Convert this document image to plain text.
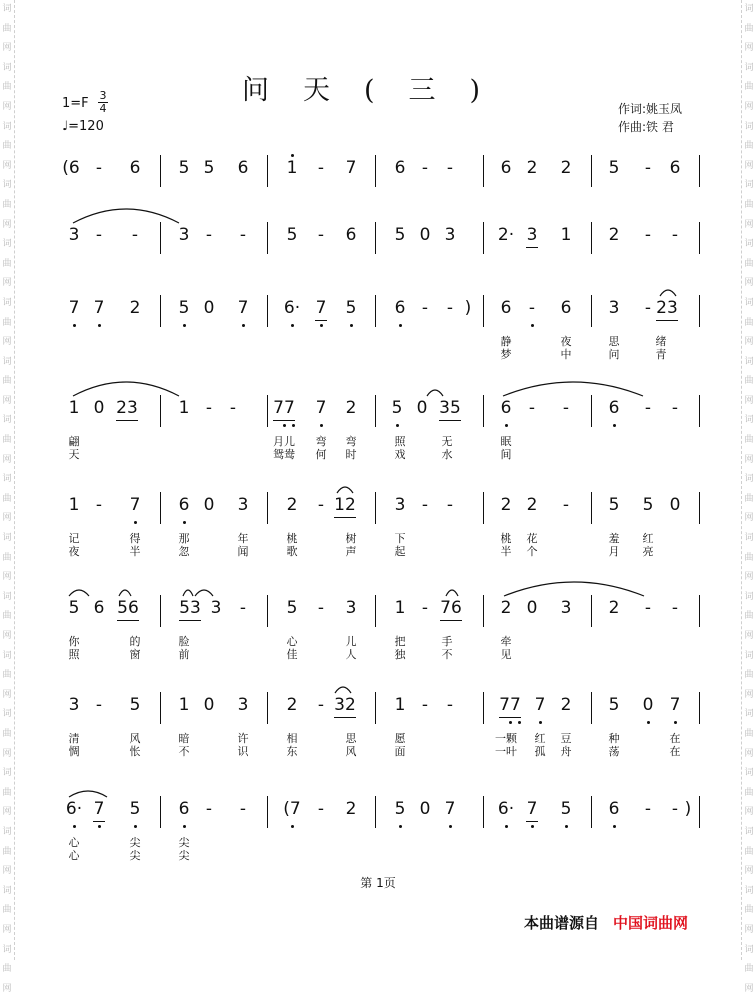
词
曲
网
词
曲
网
词
曲
网
词
曲
网
词
曲
网
词
曲
网
词
曲
网
词
曲
网
词
曲
网
词
曲
网
词
曲
网
词
曲
网
词
曲
网
词
曲
网
词
曲
网
词
曲
网
词
曲
网

词
曲
网
词
曲
网
词
曲
网
词
曲
网
词
曲
网
词
曲
网
词
曲
网
词
曲
网
词
曲
网
词
曲
网
词
曲
网
词
曲
网
词
曲
网
词
曲
网
词
曲
网
词
曲
网
词
曲
网

问天(三)
1=F
3
4
♩=120
作词:姚玉凤
作曲:铁 君
(6 - 6 5 5 6 1 - 7 6 - -	6 2 2 5 - 6
3 - - 3 - - 5 - 6 5 0 3 2· 3 1 2 - -
7 7 2 5 0 7 6· 7 5 6 - - ) 6 - 6 3 - 23
静	夜	思	绪
梦	中	问	青
1 0 23 1 - - 77 7 2 5 0 35 6 - - 6 - -
翩	月儿 弯 弯	照	无	眠
天	鸳鸯 何 时	戏	水	间
1 - 7 6 0 3 2 - 12 3 - -	2 2 - 5 5 0
记	得	那	年	桃	树	下	桃 花	羞 红
夜	半	忽	闻	歌	声	起	半 个	月 亮
5 6 56 53 3 - 5 - 3 1 - 76 2 0 3 2 - -
你	的	脸	心	儿	把	手	牵
照	窗	前	佳	人	独	不	见
3 - 5 1 0 3 2 - 32 1 - -	77 7 2 5 0 7
清	风	暗	许	相	思	愿	一颗 红 豆	种	在
惆	怅	不	识	东	风	面	一叶 孤 舟	荡	在
6· 7 5 6 - - (7 - 2 5 0 7 6· 7 5 6 - - )
心	尖	尖
心	尖	尖
第 1页
本曲谱源自 中国词曲网
